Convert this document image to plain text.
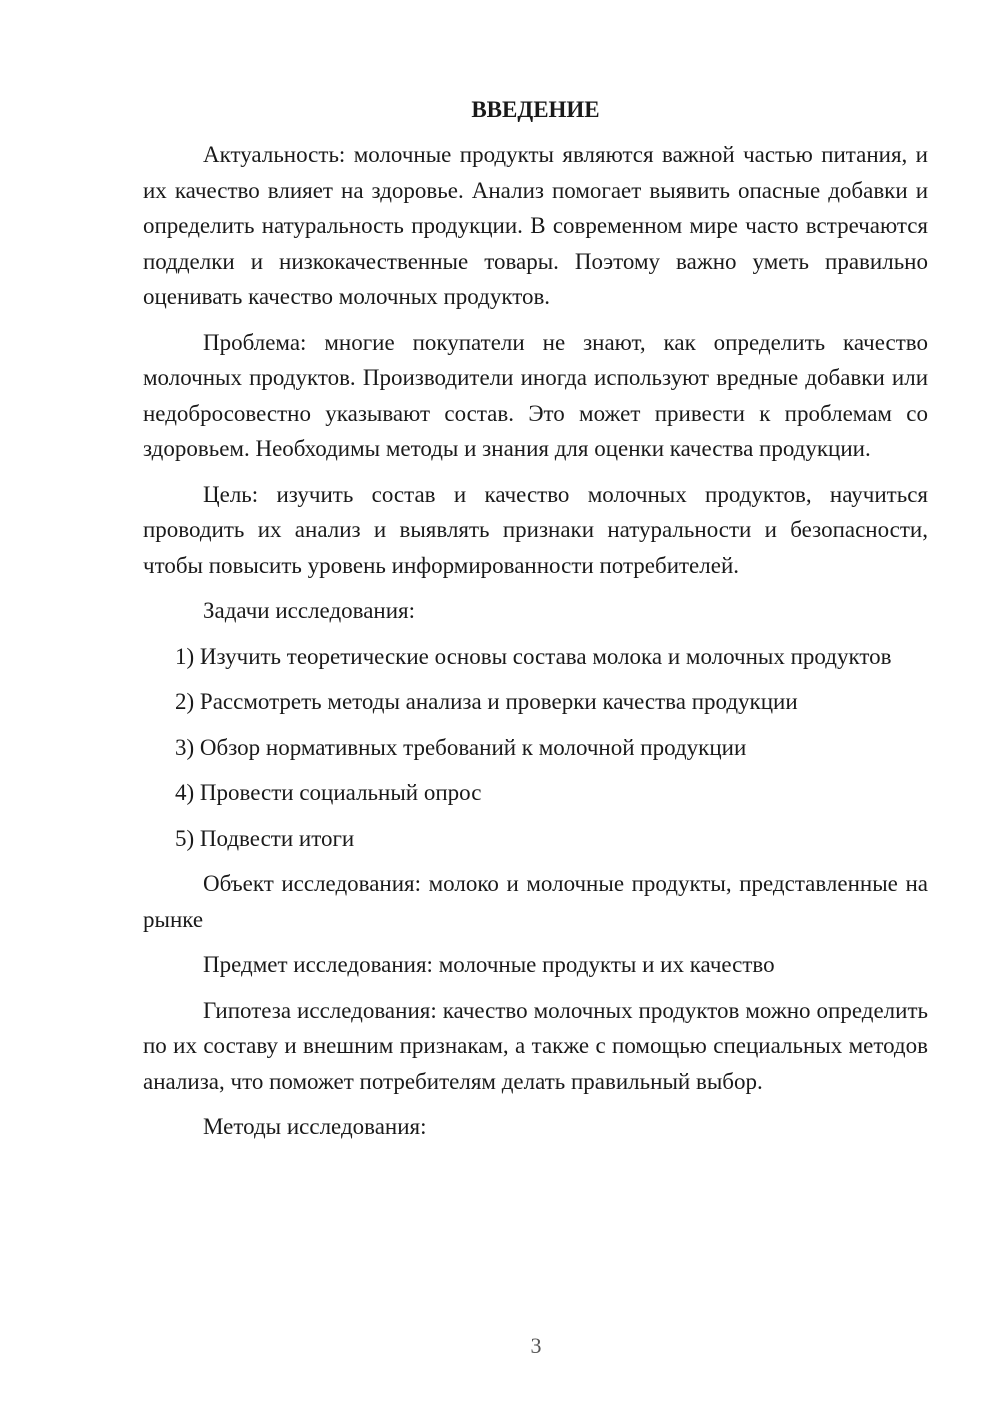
ВВЕДЕНИЕ

Актуальность: молочные продукты являются важной частью питания, и их качество влияет на здоровье. Анализ помогает выявить опасные добавки и определить натуральность продукции. В современном мире часто встречаются подделки и низкокачественные товары. Поэтому важно уметь правильно оценивать качество молочных продуктов.

Проблема: многие покупатели не знают, как определить качество молочных продуктов. Производители иногда используют вредные добавки или недобросовестно указывают состав. Это может привести к проблемам со здоровьем. Необходимы методы и знания для оценки качества продукции.

Цель: изучить состав и качество молочных продуктов, научиться проводить их анализ и выявлять признаки натуральности и безопасности, чтобы повысить уровень информированности потребителей.

Задачи исследования:

1) Изучить теоретические основы состава молока и молочных продуктов

2) Рассмотреть методы анализа и проверки качества продукции

3) Обзор нормативных требований к молочной продукции

4) Провести социальный опрос

5) Подвести итоги

Объект исследования: молоко и молочные продукты, представленные на рынке

Предмет исследования: молочные продукты и их качество

Гипотеза исследования: качество молочных продуктов можно определить по их составу и внешним признакам, а также с помощью специальных методов анализа, что поможет потребителям делать правильный выбор.

Методы исследования:

3
